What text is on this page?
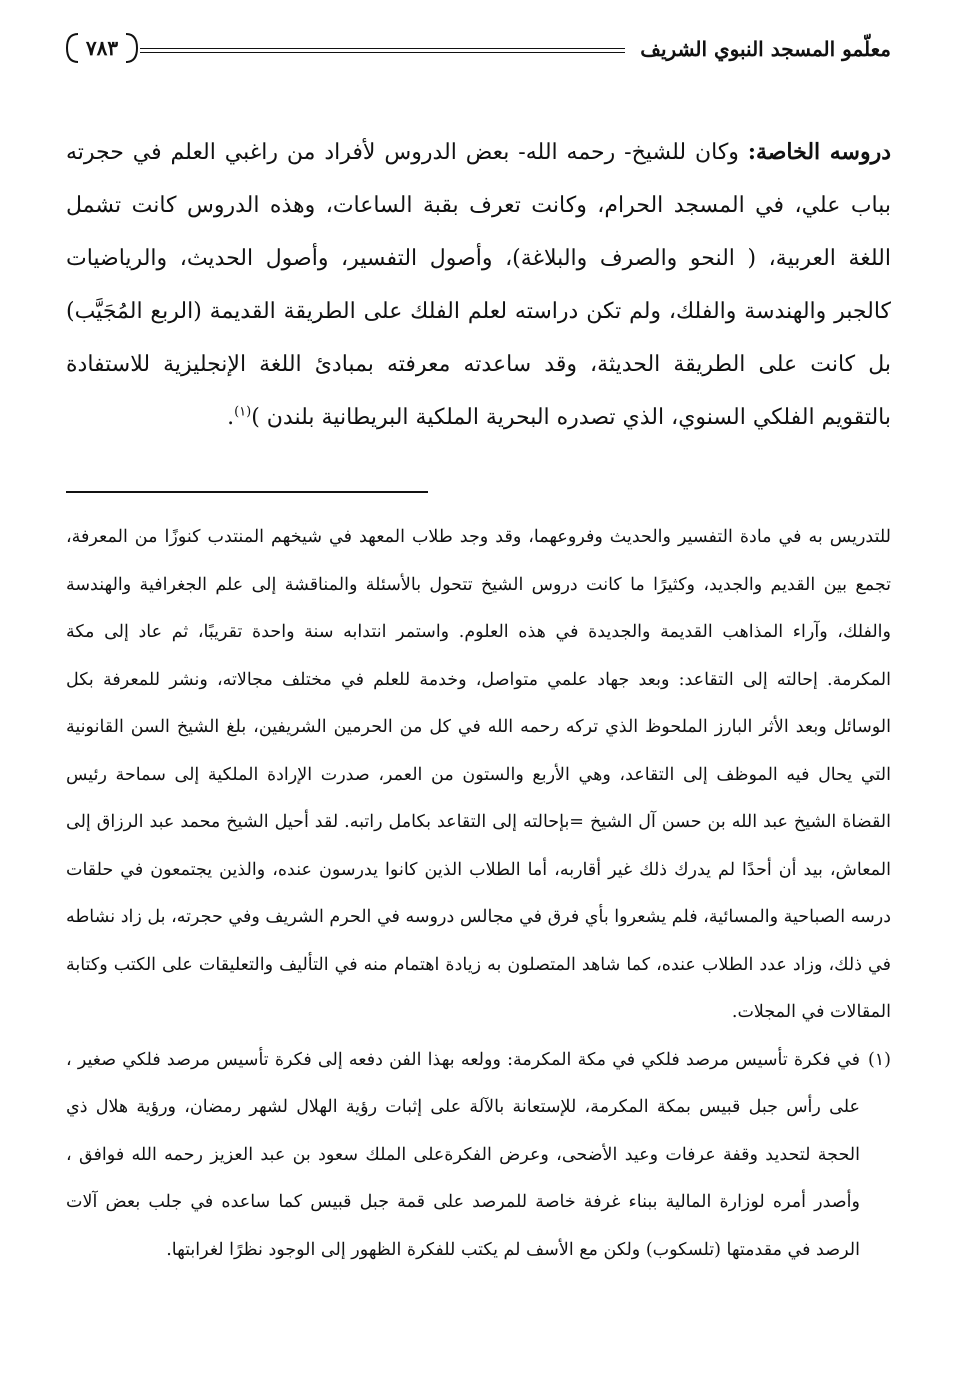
معلّمو المسجد النبوي الشريف
٧٨٣
دروسه الخاصة: وكان للشيخ- رحمه الله- بعض الدروس لأفراد من راغبي العلم في حجرته بباب علي، في المسجد الحرام، وكانت تعرف بقبة الساعات، وهذه الدروس كانت تشمل اللغة العربية، ( النحو والصرف والبلاغة)، وأصول التفسير، وأصول الحديث، والرياضيات كالجبر والهندسة والفلك، ولم تكن دراسته لعلم الفلك على الطريقة القديمة (الربع المُجَيَّب) بل كانت على الطريقة الحديثة، وقد ساعدته معرفته بمبادئ اللغة الإنجليزية للاستفادة بالتقويم الفلكي السنوي، الذي تصدره البحرية الملكية البريطانية بلندن )$^{(١)}$.

للتدريس به في مادة التفسير والحديث وفروعهما، وقد وجد طلاب المعهد في شيخهم المنتدب كنوزًا من المعرفة، تجمع بين القديم والجديد، وكثيرًا ما كانت دروس الشيخ تتحول بالأسئلة والمناقشة إلى علم الجغرافية والهندسة والفلك، وآراء المذاهب القديمة والجديدة في هذه العلوم. واستمر انتدابه سنة واحدة تقريبًا، ثم عاد إلى مكة المكرمة. إحالته إلى التقاعد: وبعد جهاد علمي متواصل، وخدمة للعلم في مختلف مجالاته، ونشر للمعرفة بكل الوسائل وبعد الأثر البارز الملحوظ الذي تركه رحمه الله في كل من الحرمين الشريفين، بلغ الشيخ السن القانونية التي يحال فيه الموظف إلى التقاعد، وهي الأربع والستون من العمر، صدرت الإرادة الملكية إلى سماحة رئيس القضاة الشيخ عبد الله بن حسن آل الشيخ =بإحالته إلى التقاعد بكامل راتبه. لقد أحيل الشيخ محمد عبد الرزاق إلى المعاش، بيد أن أحدًا لم يدرك ذلك غير أقاربه، أما الطلاب الذين كانوا يدرسون عنده، والذين يجتمعون في حلقات درسه الصباحية والمسائية، فلم يشعروا بأي فرق في مجالس دروسه في الحرم الشريف وفي حجرته، بل زاد نشاطه في ذلك، وزاد عدد الطلاب عنده، كما شاهد المتصلون به زيادة اهتمام منه في التأليف والتعليقات على الكتب وكتابة المقالات في المجلات.

(١)
في فكرة تأسيس مرصد فلكي في مكة المكرمة: وولعه بهذا الفن دفعه إلى فكرة تأسيس مرصد فلكي صغير ، على رأس جبل قبيس بمكة المكرمة، للإستعانة بالآلة على إثبات رؤية الهلال لشهر رمضان، ورؤية هلال ذي الحجة لتحديد وقفة عرفات وعيد الأضحى، وعرض الفكرةعلى الملك سعود بن عبد العزيز رحمه الله فوافق ، وأصدر أمره لوزارة المالية ببناء غرفة خاصة للمرصد على قمة جبل قبيس كما ساعده في جلب بعض آلات الرصد في مقدمتها (تلسكوب) ولكن مع الأسف لم يكتب للفكرة الظهور إلى الوجود نظرًا لغرابتها.
